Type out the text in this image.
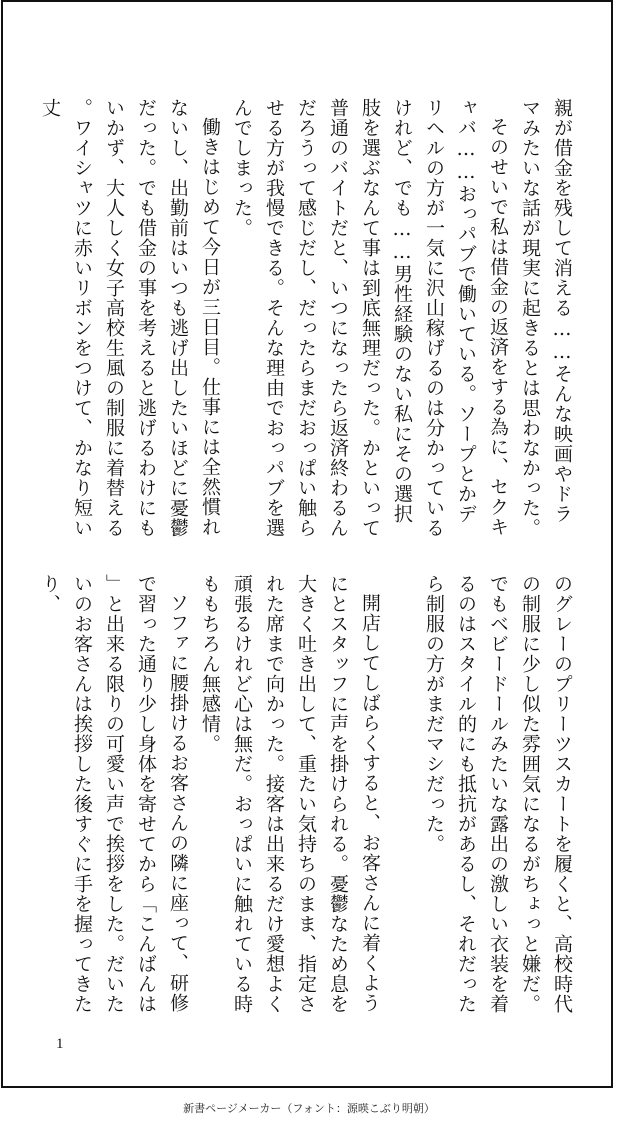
親が借金を残して消える……そんな映画やドラマみたいな話が現実に起きるとは思わなかった。

そのせいで私は借金の返済をする為に、セクキャバ……おっパブで働いている。ソープとかデリヘルの方が一気に沢山稼げるのは分かっているけれど、でも……男性経験のない私にその選択肢を選ぶなんて事は到底無理だった。かといって普通のバイトだと、いつになったら返済終わるんだろうって感じだし、だったらまだおっぱい触らせる方が我慢できる。そんな理由でおっパブを選んでしまった。

働きはじめて今日が三日目。仕事には全然慣れないし、出勤前はいつも逃げ出したいほどに憂鬱だった。でも借金の事を考えると逃げるわけにもいかず、大人しく女子高校生風の制服に着替える。ワイシャツに赤いリボンをつけて、かなり短い丈

のグレーのプリーツスカートを履くと、高校時代の制服に少し似た雰囲気になるがちょっと嫌だ。でもベビードールみたいな露出の激しい衣装を着るのはスタイル的にも抵抗があるし、それだったら制服の方がまだマシだった。

開店してしばらくすると、お客さんに着くようにとスタッフに声を掛けられる。憂鬱なため息を大きく吐き出して、重たい気持ちのまま、指定された席まで向かった。接客は出来るだけ愛想よく頑張るけれど心は無だ。おっぱいに触れている時ももちろん無感情。

ソファに腰掛けるお客さんの隣に座って、研修で習った通り少し身体を寄せてから「こんばんは」と出来る限りの可愛い声で挨拶をした。だいたいのお客さんは挨拶した後すぐに手を握ってきたり、

1
新書ページメーカー（フォント：源暎こぶり明朝）
